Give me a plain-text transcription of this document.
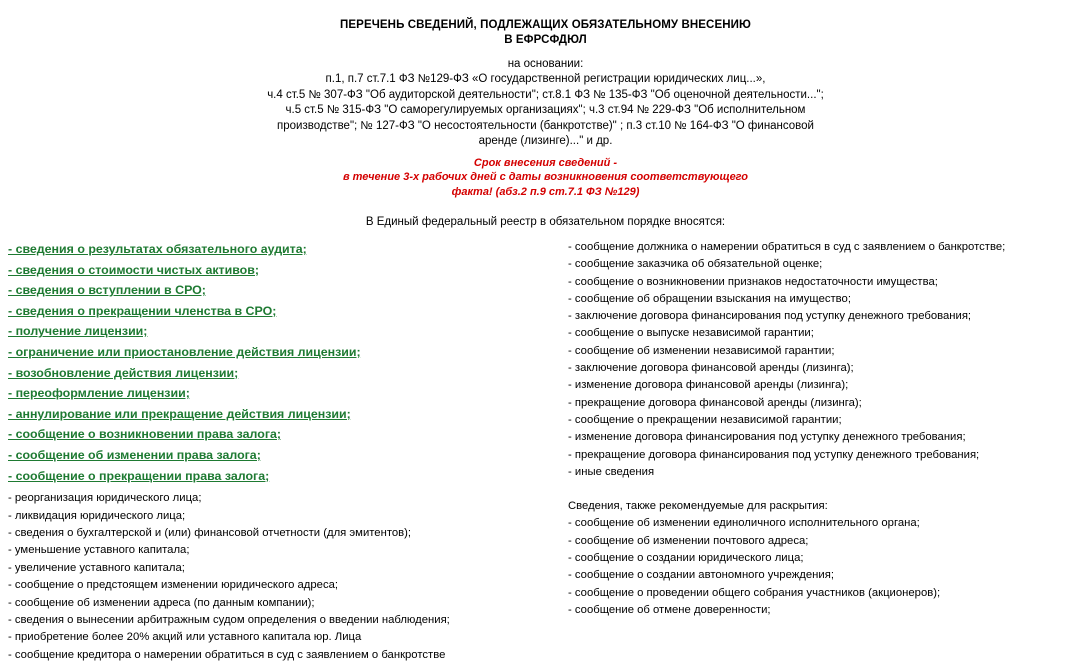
ПЕРЕЧЕНЬ СВЕДЕНИЙ, ПОДЛЕЖАЩИХ ОБЯЗАТЕЛЬНОМУ ВНЕСЕНИЮ
В ЕФРСФДЮЛ
на основании:
п.1, п.7 ст.7.1 ФЗ №129-ФЗ «О государственной регистрации юридических лиц...»,
ч.4 ст.5 № 307-ФЗ "Об аудиторской деятельности"; ст.8.1 ФЗ № 135-ФЗ "Об оценочной деятельности...";
ч.5 ст.5 № 315-ФЗ "О саморегулируемых организациях"; ч.3 ст.94 № 229-ФЗ "Об исполнительном
производстве"; № 127-ФЗ "О несостоятельности (банкротстве)" ; п.3 ст.10 № 164-ФЗ "О финансовой
аренде (лизинге)..." и др.
Срок внесения сведений -
в течение 3-х рабочих дней с даты возникновения соответствующего
факта! (абз.2 п.9 ст.7.1 ФЗ №129)
В Единый федеральный реестр в обязательном порядке вносятся:
- сведения о результатах обязательного аудита;
- сведения о стоимости чистых активов;
- сведения о вступлении в СРО;
- сведения о прекращении членства в СРО;
- получение лицензии;
- ограничение или приостановление действия лицензии;
- возобновление действия лицензии;
- переоформление лицензии;
- аннулирование или прекращение действия лицензии;
- сообщение о возникновении права залога;
- сообщение об изменении права залога;
- сообщение о прекращении права залога;
- реорганизация юридического лица;
- ликвидация юридического лица;
- сведения о бухгалтерской и (или) финансовой отчетности (для эмитентов);
- уменьшение уставного капитала;
- увеличение уставного капитала;
- сообщение о предстоящем изменении юридического адреса;
- сообщение об изменении адреса (по данным компании);
- сведения о вынесении арбитражным судом определения о введении наблюдения;
- приобретение более 20% акций или уставного капитала юр. Лица
- сообщение кредитора о намерении обратиться в суд с заявлением о банкротстве
- сообщение должника о намерении обратиться в суд с заявлением о банкротстве;
- сообщение заказчика об обязательной оценке;
- сообщение о возникновении признаков недостаточности имущества;
- сообщение об обращении взыскания на имущество;
- заключение договора финансирования под уступку денежного требования;
- сообщение о выпуске независимой гарантии;
- сообщение об изменении независимой гарантии;
- заключение договора финансовой аренды (лизинга);
- изменение договора финансовой аренды (лизинга);
- прекращение договора финансовой аренды (лизинга);
- сообщение о прекращении независимой гарантии;
- изменение договора финансирования под уступку денежного требования;
- прекращение договора финансирования под уступку денежного требования;
- иные сведения
Сведения, также рекомендуемые для раскрытия:
- сообщение об изменении единоличного исполнительного органа;
- сообщение об изменении почтового адреса;
- сообщение о создании юридического лица;
- сообщение о создании автономного учреждения;
- сообщение о проведении общего собрания участников (акционеров);
- сообщение об отмене доверенности;
